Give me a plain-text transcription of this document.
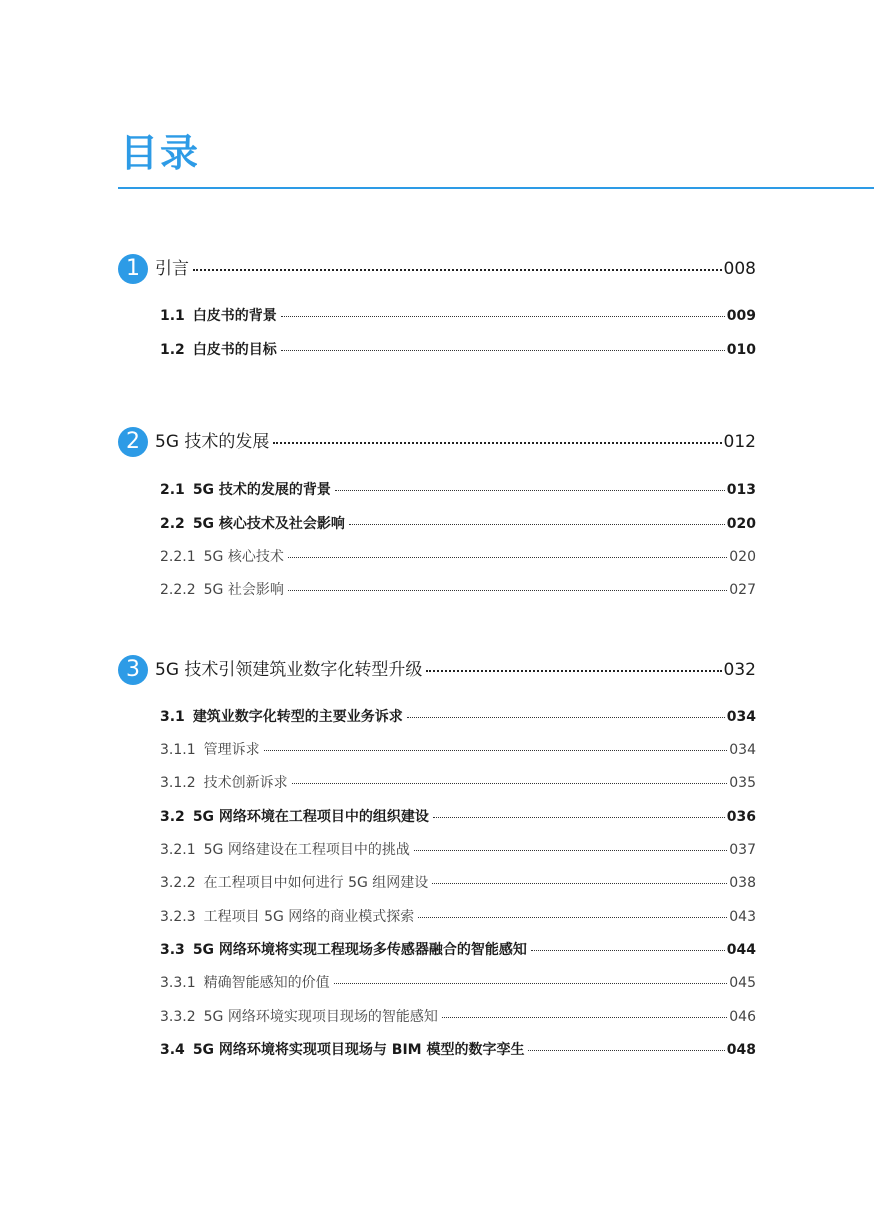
目录
1 引言	008
1.1 白皮书的背景	009
1.2 白皮书的目标	010
2 5G 技术的发展	012
2.1 5G 技术的发展的背景	013
2.2 5G 核心技术及社会影响	020
2.2.1 5G 核心技术	020
2.2.2 5G 社会影响	027
3 5G 技术引领建筑业数字化转型升级	032
3.1 建筑业数字化转型的主要业务诉求	034
3.1.1 管理诉求	034
3.1.2 技术创新诉求	035
3.2 5G 网络环境在工程项目中的组织建设	036
3.2.1 5G 网络建设在工程项目中的挑战	037
3.2.2 在工程项目中如何进行 5G 组网建设	038
3.2.3 工程项目 5G 网络的商业模式探索	043
3.3 5G 网络环境将实现工程现场多传感器融合的智能感知	044
3.3.1 精确智能感知的价值	045
3.3.2 5G 网络环境实现项目现场的智能感知	046
3.4 5G 网络环境将实现项目现场与 BIM 模型的数字孪生	048
